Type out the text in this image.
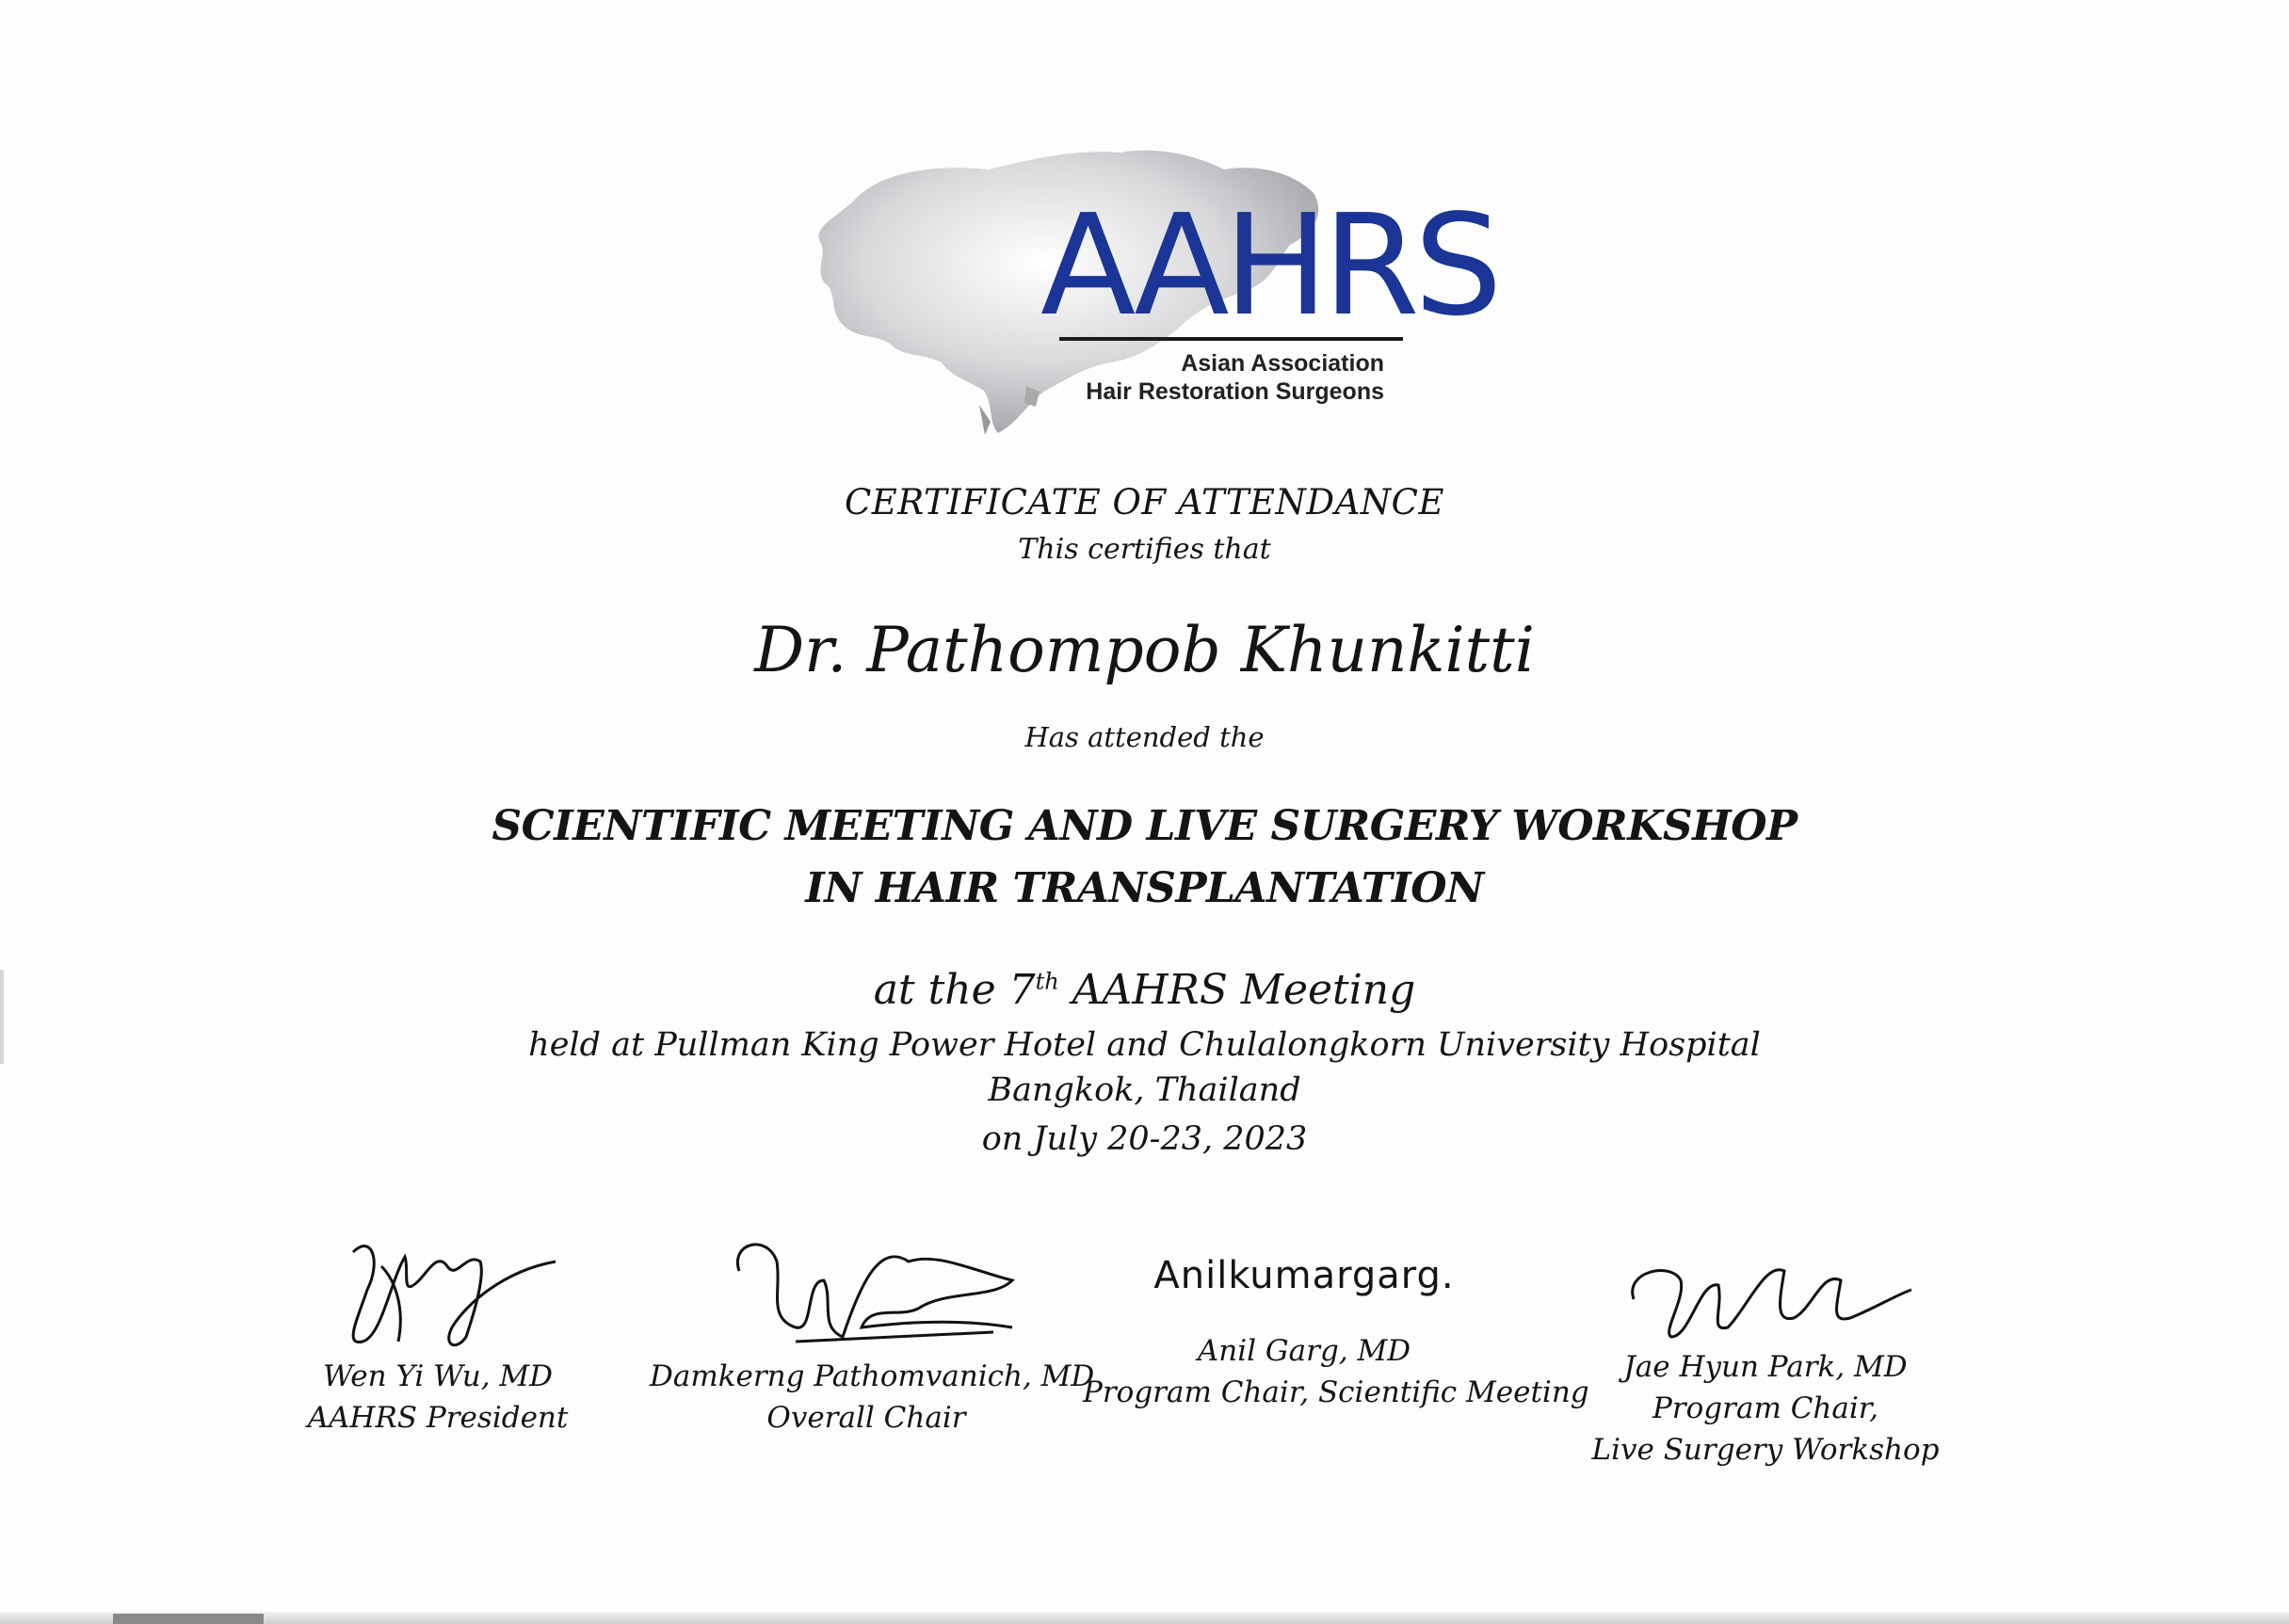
AAHRS
Asian Association
Hair Restoration Surgeons
CERTIFICATE OF ATTENDANCE
This certifies that
Dr. Pathompob Khunkitti
Has attended the
SCIENTIFIC MEETING AND LIVE SURGERY WORKSHOP
IN HAIR TRANSPLANTATION
at the 7th AAHRS Meeting
held at Pullman King Power Hotel and Chulalongkorn University Hospital
Bangkok, Thailand
on July 20-23, 2023
Wen Yi Wu, MD
AAHRS President
Damkerng Pathomvanich, MD
Overall Chair
Anilkumargarg.
Anil Garg, MD
Program Chair, Scientific Meeting
Jae Hyun Park, MD
Program Chair,
Live Surgery Workshop
